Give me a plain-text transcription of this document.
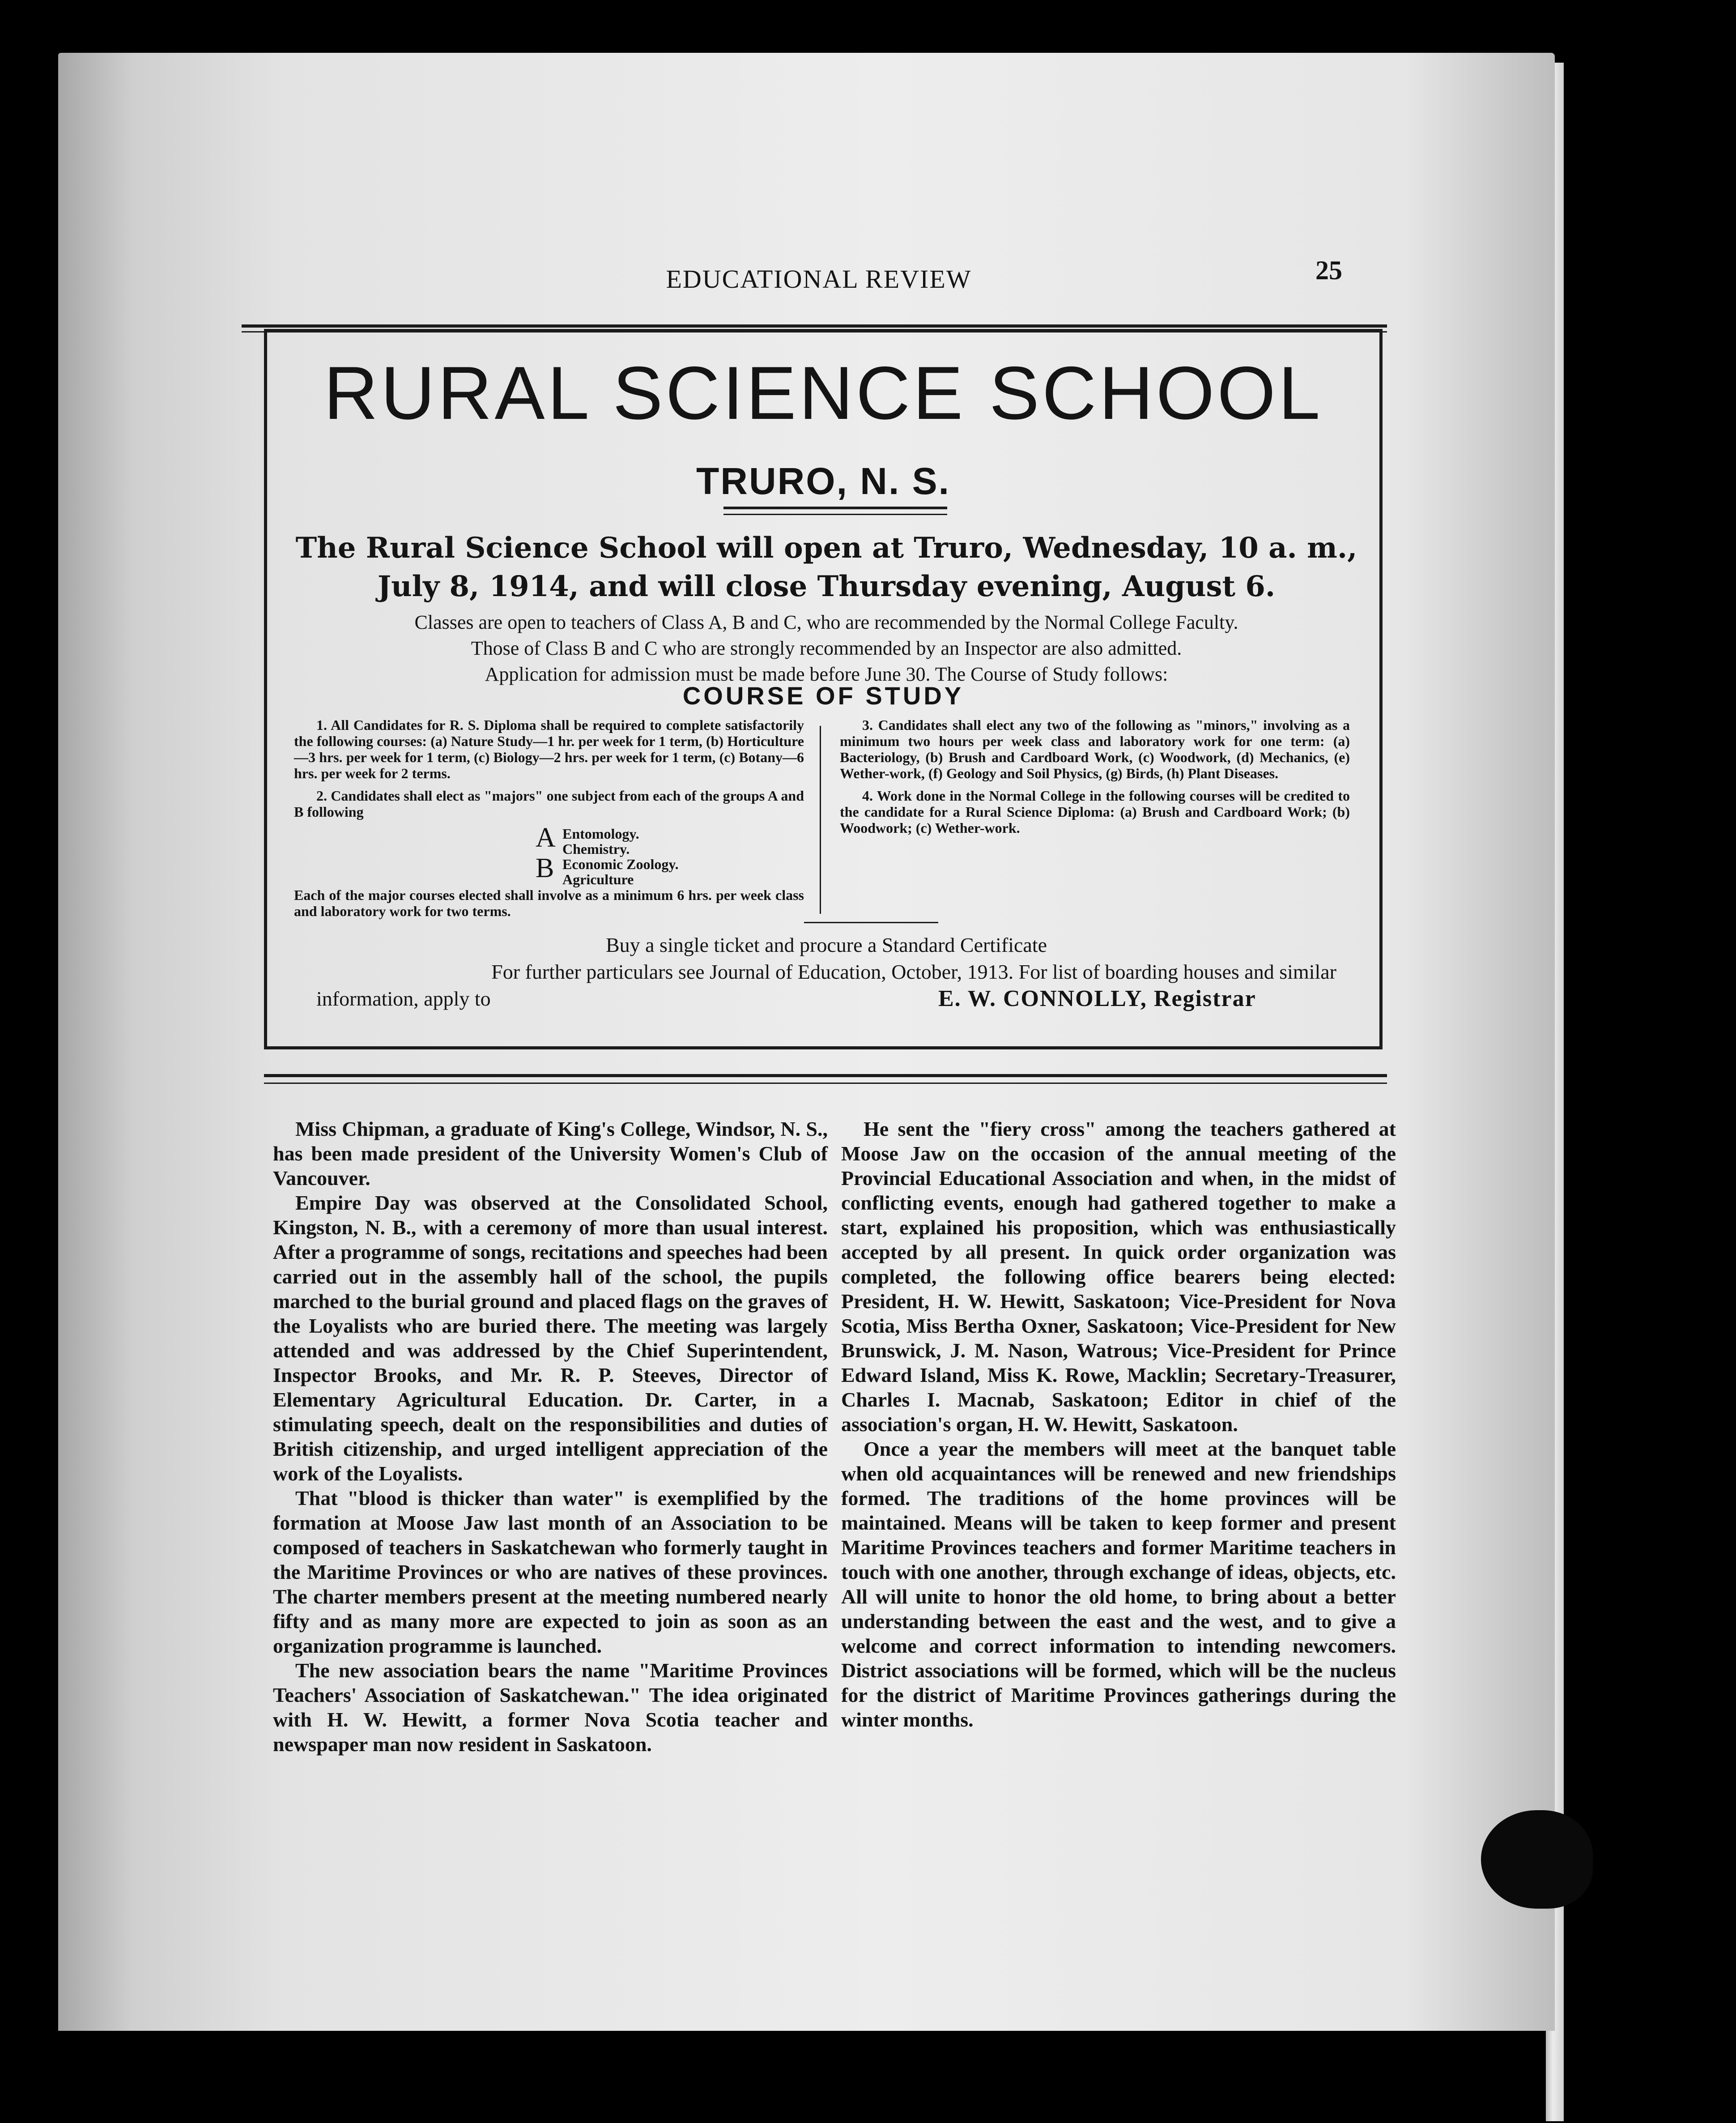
EDUCATIONAL REVIEW	25
RURAL SCIENCE SCHOOL
TRURO, N. S.
The Rural Science School will open at Truro, Wednesday, 10 a. m.,
July 8, 1914, and will close Thursday evening, August 6.
Classes are open to teachers of Class A, B and C, who are recommended by the Normal College Faculty.
Those of Class B and C who are strongly recommended by an Inspector are also admitted.
Application for admission must be made before June 30. The Course of Study follows:
COURSE OF STUDY

1. All Candidates for R. S. Diploma shall be required to complete satisfactorily the following courses: (a) Nature Study—1 hr. per week for 1 term, (b) Horticulture—3 hrs. per week for 1 term, (c) Biology—2 hrs. per week for 1 term, (c) Botany—6 hrs. per week for 2 terms.

2. Candidates shall elect as "majors" one subject from each of the groups A and B following

A Entomology.
Chemistry.
B Economic Zoology.
Agriculture

Each of the major courses elected shall involve as a minimum 6 hrs. per week class and laboratory work for two terms.

3. Candidates shall elect any two of the following as "minors," involving as a minimum two hours per week class and laboratory work for one term: (a) Bacteriology, (b) Brush and Cardboard Work, (c) Woodwork, (d) Mechanics, (e) Wether-work, (f) Geology and Soil Physics, (g) Birds, (h) Plant Diseases.

4. Work done in the Normal College in the following courses will be credited to the candidate for a Rural Science Diploma: (a) Brush and Cardboard Work; (b) Woodwork; (c) Wether-work.

Buy a single ticket and procure a Standard Certificate
For further particulars see Journal of Education, October, 1913. For list of boarding houses and similar
information, apply to	E. W. CONNOLLY, Registrar

Miss Chipman, a graduate of King's College, Windsor, N. S., has been made president of the University Women's Club of Vancouver.

Empire Day was observed at the Consolidated School, Kingston, N. B., with a ceremony of more than usual interest. After a programme of songs, recitations and speeches had been carried out in the assembly hall of the school, the pupils marched to the burial ground and placed flags on the graves of the Loyalists who are buried there. The meeting was largely attended and was addressed by the Chief Superintendent, Inspector Brooks, and Mr. R. P. Steeves, Director of Elementary Agricultural Education. Dr. Carter, in a stimulating speech, dealt on the responsibilities and duties of British citizenship, and urged intelligent appreciation of the work of the Loyalists.

That "blood is thicker than water" is exemplified by the formation at Moose Jaw last month of an Association to be composed of teachers in Saskatchewan who formerly taught in the Maritime Provinces or who are natives of these provinces. The charter members present at the meeting numbered nearly fifty and as many more are expected to join as soon as an organization programme is launched.

The new association bears the name "Maritime Provinces Teachers' Association of Saskatchewan." The idea originated with H. W. Hewitt, a former Nova Scotia teacher and newspaper man now resident in Saskatoon.

He sent the "fiery cross" among the teachers gathered at Moose Jaw on the occasion of the annual meeting of the Provincial Educational Association and when, in the midst of conflicting events, enough had gathered together to make a start, explained his proposition, which was enthusiastically accepted by all present. In quick order organization was completed, the following office bearers being elected: President, H. W. Hewitt, Saskatoon; Vice-President for Nova Scotia, Miss Bertha Oxner, Saskatoon; Vice-President for New Brunswick, J. M. Nason, Watrous; Vice-President for Prince Edward Island, Miss K. Rowe, Macklin; Secretary-Treasurer, Charles I. Macnab, Saskatoon; Editor in chief of the association's organ, H. W. Hewitt, Saskatoon.

Once a year the members will meet at the banquet table when old acquaintances will be renewed and new friendships formed. The traditions of the home provinces will be maintained. Means will be taken to keep former and present Maritime Provinces teachers and former Maritime teachers in touch with one another, through exchange of ideas, objects, etc. All will unite to honor the old home, to bring about a better understanding between the east and the west, and to give a welcome and correct information to intending newcomers. District associations will be formed, which will be the nucleus for the district of Maritime Provinces gatherings during the winter months.
